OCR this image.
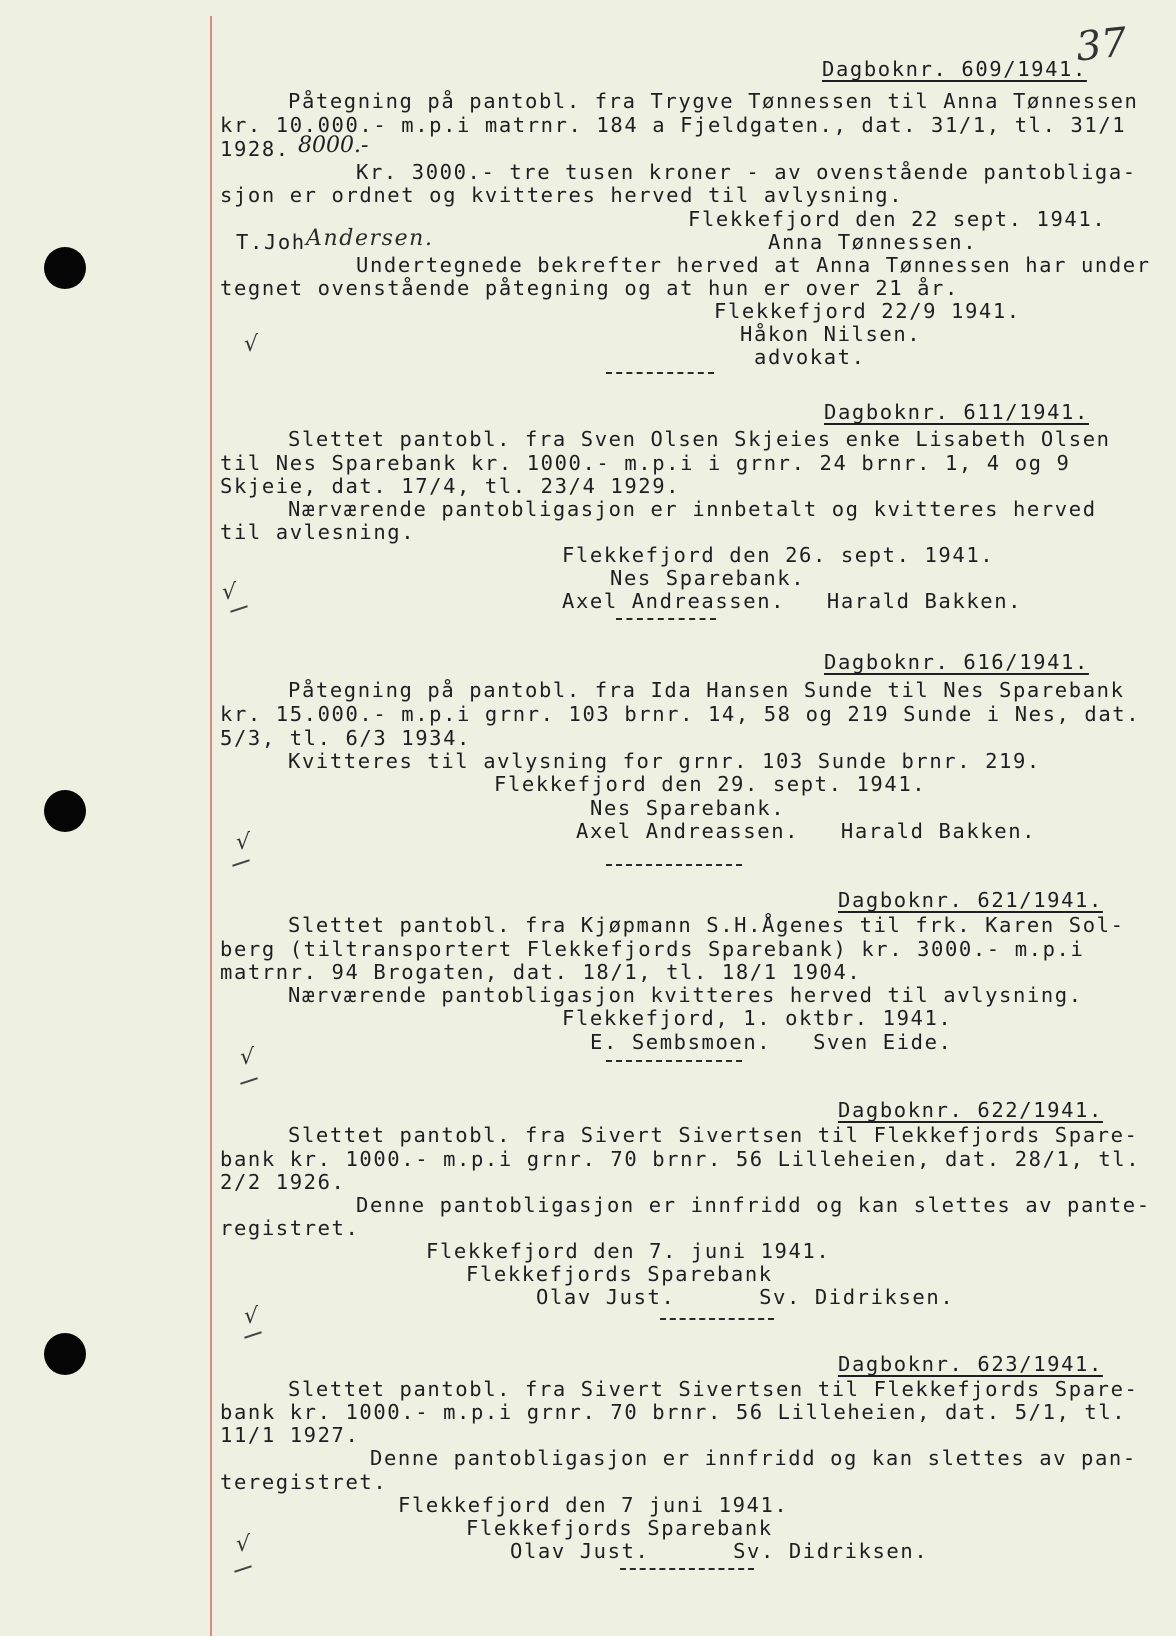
37
Dagboknr. 609/1941.
Påtegning på pantobl. fra Trygve Tønnessen til Anna Tønnessen
kr. 10.000.- m.p.i matrnr. 184 a Fjeldgaten., dat. 31/1, tl. 31/1
1928. 8000.-
Kr. 3000.- tre tusen kroner - av ovenstående pantobliga-
sjon er ordnet og kvitteres herved til avlysning.
Flekkefjord den 22 sept. 1941.
T.Joh Andersen.	Anna Tønnessen.
Undertegnede bekrefter herved at Anna Tønnessen har under
tegnet ovenstående påtegning og at hun er over 21 år.
Flekkefjord 22/9 1941.
Håkon Nilsen.
advokat.
√
Dagboknr. 611/1941.
Slettet pantobl. fra Sven Olsen Skjeies enke Lisabeth Olsen
til Nes Sparebank kr. 1000.- m.p.i i grnr. 24 brnr. 1, 4 og 9
Skjeie, dat. 17/4, tl. 23/4 1929.
Nærværende pantobligasjon er innbetalt og kvitteres herved
til avlesning.
Flekkefjord den 26. sept. 1941.
Nes Sparebank.
Axel Andreassen.   Harald Bakken.
√
Dagboknr. 616/1941.
Påtegning på pantobl. fra Ida Hansen Sunde til Nes Sparebank
kr. 15.000.- m.p.i grnr. 103 brnr. 14, 58 og 219 Sunde i Nes, dat.
5/3, tl. 6/3 1934.
Kvitteres til avlysning for grnr. 103 Sunde brnr. 219.
Flekkefjord den 29. sept. 1941.
Nes Sparebank.
Axel Andreassen.   Harald Bakken.
√
Dagboknr. 621/1941.
Slettet pantobl. fra Kjøpmann S.H.Ågenes til frk. Karen Sol-
berg (tiltransportert Flekkefjords Sparebank) kr. 3000.- m.p.i
matrnr. 94 Brogaten, dat. 18/1, tl. 18/1 1904.
Nærværende pantobligasjon kvitteres herved til avlysning.
Flekkefjord, 1. oktbr. 1941.
E. Sembsmoen.   Sven Eide.
√
Dagboknr. 622/1941.
Slettet pantobl. fra Sivert Sivertsen til Flekkefjords Spare-
bank kr. 1000.- m.p.i grnr. 70 brnr. 56 Lilleheien, dat. 28/1, tl.
2/2 1926.
Denne pantobligasjon er innfridd og kan slettes av pante-
registret.
Flekkefjord den 7. juni 1941.
Flekkefjords Sparebank
Olav Just.      Sv. Didriksen.
√
Dagboknr. 623/1941.
Slettet pantobl. fra Sivert Sivertsen til Flekkefjords Spare-
bank kr. 1000.- m.p.i grnr. 70 brnr. 56 Lilleheien, dat. 5/1, tl.
11/1 1927.
Denne pantobligasjon er innfridd og kan slettes av pan-
teregistret.
Flekkefjord den 7 juni 1941.
Flekkefjords Sparebank
Olav Just.      Sv. Didriksen.
√
